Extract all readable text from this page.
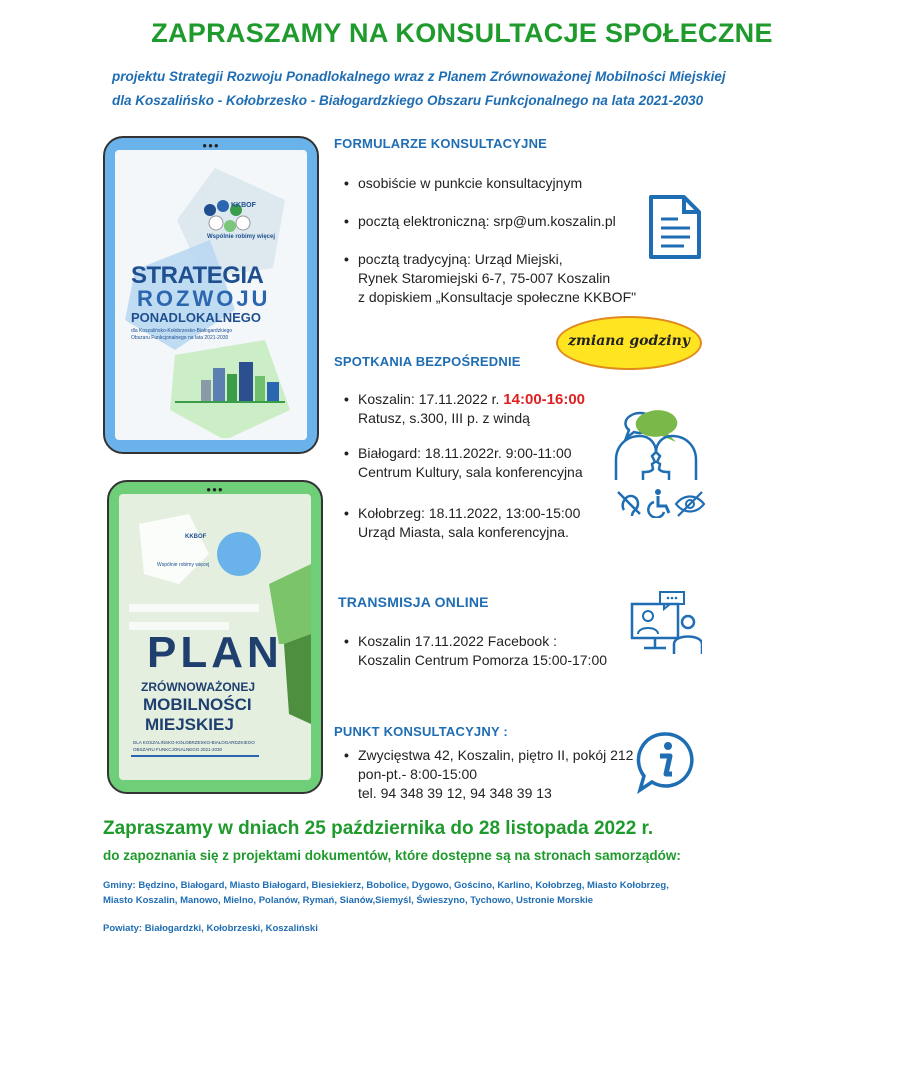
ZAPRASZAMY NA KONSULTACJE SPOŁECZNE
projektu Strategii Rozwoju Ponadlokalnego wraz z Planem Zrównoważonej Mobilności Miejskiej
dla Koszalińsko - Kołobrzesko - Białogardzkiego Obszaru Funkcjonalnego na lata 2021-2030
●●●
KKBOF
Wspólnie robimy więcej
STRATEGIA
ROZWOJU
PONADLOKALNEGO
dla Koszalińsko-Kołobrzesko-Białogardzkiego
Obszaru Funkcjonalnego na lata 2021-2030
●●●
KKBOF
Wspólnie robimy więcej
PLAN
ZRÓWNOWAŻONEJ
MOBILNOŚCI
MIEJSKIEJ
DLA KOSZALIŃSKO-KOŁOBRZESKO-BIAŁOGARDZKIEGO
OBSZARU FUNKCJONALNEGO 2021-2030
FORMULARZE KONSULTACYJNE
• osobiście w punkcie konsultacyjnym
• pocztą elektroniczną: srp@um.koszalin.pl
• pocztą tradycyjną: Urząd Miejski,
Rynek Staromiejski 6-7, 75-007 Koszalin
z dopiskiem „Konsultacje społeczne KKBOF"
zmiana godziny
SPOTKANIA BEZPOŚREDNIE
• Koszalin: 17.11.2022 r. 14:00-16:00
Ratusz, s.300, III p. z windą
• Białogard: 18.11.2022r. 9:00-11:00
Centrum Kultury, sala konferencyjna
• Kołobrzeg: 18.11.2022, 13:00-15:00
Urząd Miasta, sala konferencyjna.
TRANSMISJA ONLINE
• Koszalin 17.11.2022 Facebook :
Koszalin Centrum Pomorza 15:00-17:00
PUNKT KONSULTACYJNY :
• Zwycięstwa 42, Koszalin, piętro II, pokój 212
pon-pt.- 8:00-15:00
tel. 94 348 39 12, 94 348 39 13
Zapraszamy w dniach 25 października do 28 listopada 2022 r.
do zapoznania się z projektami dokumentów, które dostępne są na stronach samorządów:
Gminy: Będzino, Białogard, Miasto Białogard, Biesiekierz, Bobolice, Dygowo, Gościno, Karlino, Kołobrzeg, Miasto Kołobrzeg,
Miasto Koszalin, Manowo, Mielno, Polanów, Rymań, Sianów,Siemyśl, Świeszyno, Tychowo, Ustronie Morskie
Powiaty: Białogardzki, Kołobrzeski, Koszaliński
